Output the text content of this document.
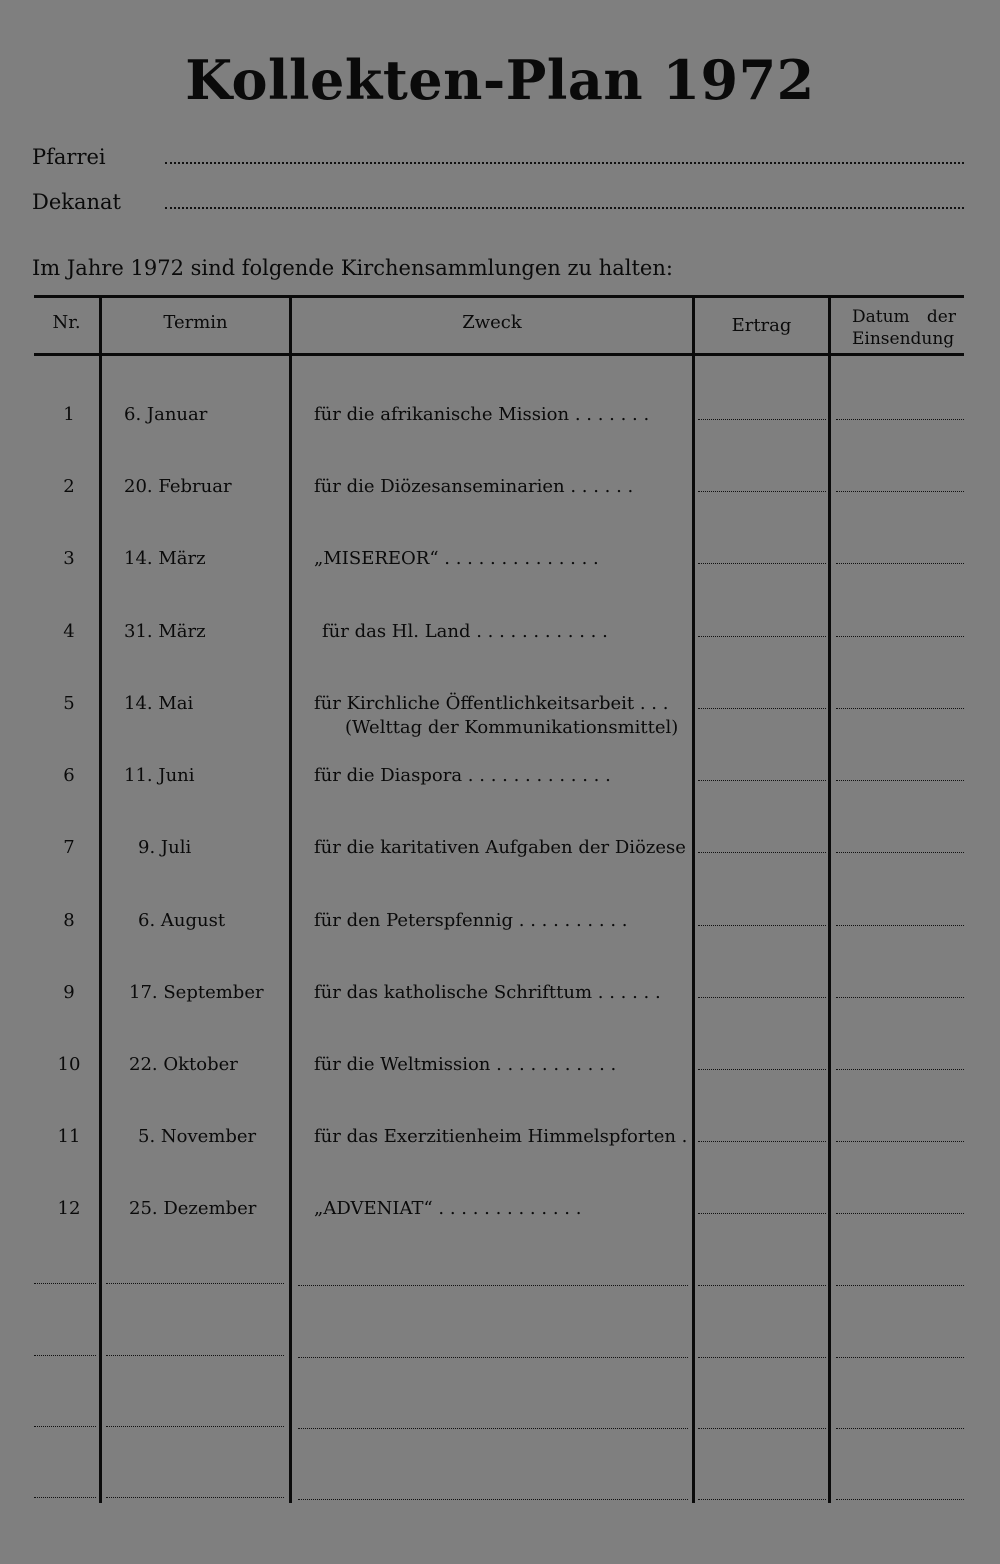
Kollekten-Plan 1972
Pfarrei
Dekanat
Im Jahre 1972 sind folgende Kirchensammlungen zu halten:
Nr.	Termin	Zweck	Ertrag	Datum der
Einsendung
1	6. Januar	für die afrikanische Mission . . . . . . .
2	20. Februar	für die Diözesanseminarien . . . . . .
3	14. März	„MISEREOR“ . . . . . . . . . . . . . .
4	31. März	für das Hl. Land . . . . . . . . . . . .
5	14. Mai	für Kirchliche Öffentlichkeitsarbeit . . .
(Welttag der Kommunikationsmittel)
6	11. Juni	für die Diaspora . . . . . . . . . . . . .
7	9. Juli	für die karitativen Aufgaben der Diözese
8	6. August	für den Peterspfennig . . . . . . . . . .
9	17. September	für das katholische Schrifttum . . . . . .
10	22. Oktober	für die Weltmission . . . . . . . . . . .
11	5. November	für das Exerzitienheim Himmelspforten .
12	25. Dezember	„ADVENIAT“ . . . . . . . . . . . . .
